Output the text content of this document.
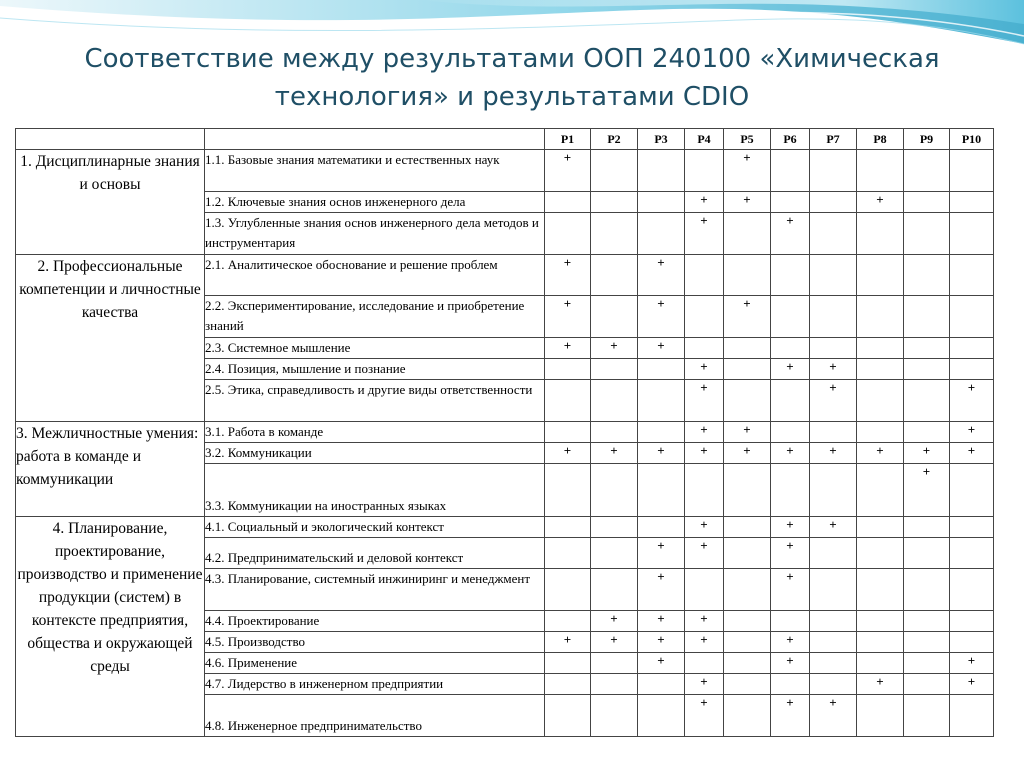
Соответствие между результатами ООП 240100 «Химическая
технология» и результатами CDIO
		Р1	Р2	Р3	Р4	Р5	Р6	Р7	Р8	Р9	Р10
1. Дисциплинарные знания и основы	1.1. Базовые знания математики и естественных наук	+				+					
	1.2. Ключевые знания основ инженерного дела				+	+			+		
	1.3. Углубленные знания основ инженерного дела методов и инструментария				+		+				
2. Профессиональные компетенции и личностные качества	2.1. Аналитическое обоснование и решение проблем	+		+							
	2.2. Экспериментирование, исследование и приобретение знаний	+		+		+					
	2.3. Системное мышление	+	+	+							
	2.4. Позиция, мышление и познание				+		+	+			
	2.5. Этика, справедливость и другие виды ответственности				+			+			+
3. Межличностные умения: работа в команде и коммуникации	3.1. Работа в команде				+	+					+
	3.2. Коммуникации	+	+	+	+	+	+	+	+	+	+
	3.3. Коммуникации на иностранных языках									+	
4. Планирование, проектирование, производство и применение продукции (систем) в контексте предприятия, общества и окружающей среды	4.1. Социальный и экологический контекст				+		+	+			
	4.2. Предпринимательский и деловой контекст			+	+		+				
	4.3. Планирование, системный инжиниринг и менеджмент			+			+				
	4.4. Проектирование		+	+	+						
	4.5. Производство	+	+	+	+		+				
	4.6. Применение			+			+				+
	4.7. Лидерство в инженерном предприятии				+				+		+
	4.8. Инженерное предпринимательство				+		+	+			
